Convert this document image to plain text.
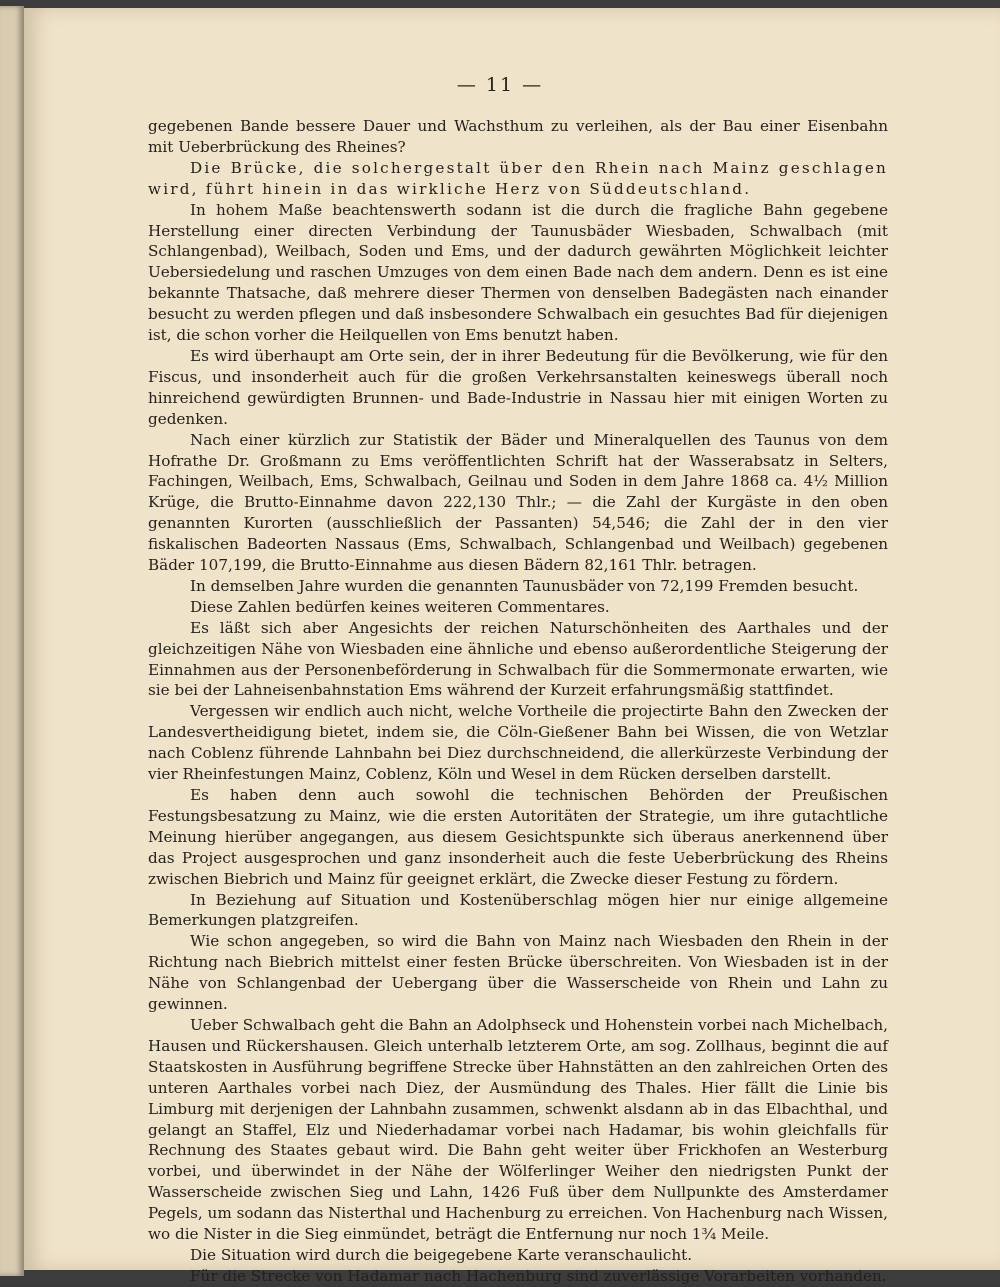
— 11 —

gegebenen Bande bessere Dauer und Wachsthum zu verleihen, als der Bau einer Eisenbahn mit Ueberbrückung des Rheines?

Die Brücke, die solchergestalt über den Rhein nach Mainz geschlagen wird, führt hinein in das wirkliche Herz von Süddeutschland.

In hohem Maße beachtenswerth sodann ist die durch die fragliche Bahn gegebene Herstellung einer directen Verbindung der Taunusbäder Wiesbaden, Schwalbach (mit Schlangenbad), Weilbach, Soden und Ems, und der dadurch gewährten Möglichkeit leichter Uebersiedelung und raschen Umzuges von dem einen Bade nach dem andern. Denn es ist eine bekannte Thatsache, daß mehrere dieser Thermen von denselben Badegästen nach einander besucht zu werden pflegen und daß insbesondere Schwalbach ein gesuchtes Bad für diejenigen ist, die schon vorher die Heilquellen von Ems benutzt haben.

Es wird überhaupt am Orte sein, der in ihrer Bedeutung für die Bevölkerung, wie für den Fiscus, und insonderheit auch für die großen Verkehrsanstalten keineswegs überall noch hinreichend gewürdigten Brunnen- und Bade-Industrie in Nassau hier mit einigen Worten zu gedenken.

Nach einer kürzlich zur Statistik der Bäder und Mineralquellen des Taunus von dem Hofrathe Dr. Großmann zu Ems veröffentlichten Schrift hat der Wasserabsatz in Selters, Fachingen, Weilbach, Ems, Schwalbach, Geilnau und Soden in dem Jahre 1868 ca. 4½ Million Krüge, die Brutto-Einnahme davon 222,130 Thlr.; — die Zahl der Kurgäste in den oben genannten Kurorten (ausschließlich der Passanten) 54,546; die Zahl der in den vier fiskalischen Badeorten Nassaus (Ems, Schwalbach, Schlangenbad und Weilbach) gegebenen Bäder 107,199, die Brutto-Einnahme aus diesen Bädern 82,161 Thlr. betragen.

In demselben Jahre wurden die genannten Taunusbäder von 72,199 Fremden besucht.

Diese Zahlen bedürfen keines weiteren Commentares.

Es läßt sich aber Angesichts der reichen Naturschönheiten des Aarthales und der gleichzeitigen Nähe von Wiesbaden eine ähnliche und ebenso außerordentliche Steigerung der Einnahmen aus der Personenbeförderung in Schwalbach für die Sommermonate erwarten, wie sie bei der Lahneisenbahnstation Ems während der Kurzeit erfahrungsmäßig stattfindet.

Vergessen wir endlich auch nicht, welche Vortheile die projectirte Bahn den Zwecken der Landesvertheidigung bietet, indem sie, die Cöln-Gießener Bahn bei Wissen, die von Wetzlar nach Coblenz führende Lahnbahn bei Diez durchschneidend, die allerkürzeste Verbindung der vier Rheinfestungen Mainz, Coblenz, Köln und Wesel in dem Rücken derselben darstellt.

Es haben denn auch sowohl die technischen Behörden der Preußischen Festungsbesatzung zu Mainz, wie die ersten Autoritäten der Strategie, um ihre gutachtliche Meinung hierüber angegangen, aus diesem Gesichtspunkte sich überaus anerkennend über das Project ausgesprochen und ganz insonderheit auch die feste Ueberbrückung des Rheins zwischen Biebrich und Mainz für geeignet erklärt, die Zwecke dieser Festung zu fördern.

In Beziehung auf Situation und Kostenüberschlag mögen hier nur einige allgemeine Bemerkungen platzgreifen.

Wie schon angegeben, so wird die Bahn von Mainz nach Wiesbaden den Rhein in der Richtung nach Biebrich mittelst einer festen Brücke überschreiten. Von Wiesbaden ist in der Nähe von Schlangenbad der Uebergang über die Wasserscheide von Rhein und Lahn zu gewinnen.

Ueber Schwalbach geht die Bahn an Adolphseck und Hohenstein vorbei nach Michelbach, Hausen und Rückershausen. Gleich unterhalb letzterem Orte, am sog. Zollhaus, beginnt die auf Staatskosten in Ausführung begriffene Strecke über Hahnstätten an den zahlreichen Orten des unteren Aarthales vorbei nach Diez, der Ausmündung des Thales. Hier fällt die Linie bis Limburg mit derjenigen der Lahnbahn zusammen, schwenkt alsdann ab in das Elbachthal, und gelangt an Staffel, Elz und Niederhadamar vorbei nach Hadamar, bis wohin gleichfalls für Rechnung des Staates gebaut wird. Die Bahn geht weiter über Frickhofen an Westerburg vorbei, und überwindet in der Nähe der Wölferlinger Weiher den niedrigsten Punkt der Wasserscheide zwischen Sieg und Lahn, 1426 Fuß über dem Nullpunkte des Amsterdamer Pegels, um sodann das Nisterthal und Hachenburg zu erreichen. Von Hachenburg nach Wissen, wo die Nister in die Sieg einmündet, beträgt die Entfernung nur noch 1¾ Meile.

Die Situation wird durch die beigegebene Karte veranschaulicht.

Für die Strecke von Hadamar nach Hachenburg sind zuverlässige Vorarbeiten vorhanden.
